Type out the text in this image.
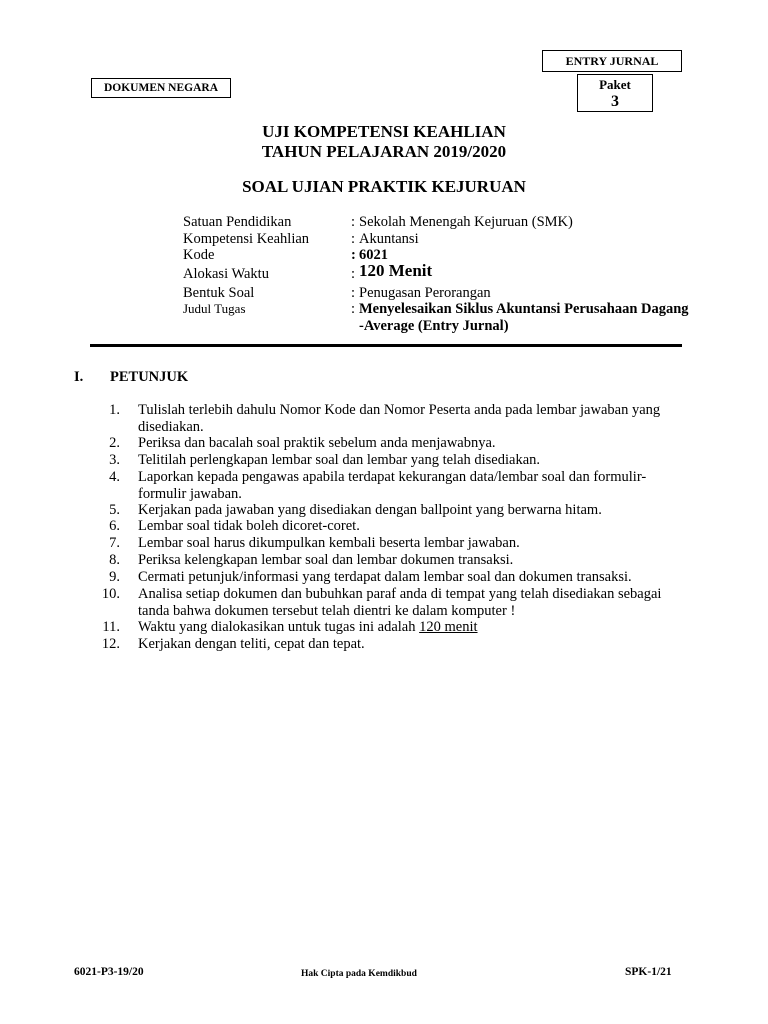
ENTRY JURNAL
DOKUMEN NEGARA	Paket
3
UJI KOMPETENSI KEAHLIAN
TAHUN PELAJARAN 2019/2020
SOAL UJIAN PRAKTIK KEJURUAN
Satuan Pendidikan	: Sekolah Menengah Kejuruan (SMK)
Kompetensi Keahlian	: Akuntansi
Kode	: 6021
Alokasi Waktu	: 120 Menit
Bentuk Soal	: Penugasan Perorangan
Judul Tugas	: Menyelesaikan Siklus Akuntansi Perusahaan Dagang -Average (Entry Jurnal)
I. PETUNJUK
1. Tulislah terlebih dahulu Nomor Kode dan Nomor Peserta anda pada lembar jawaban yang disediakan.
2. Periksa dan bacalah soal praktik sebelum anda menjawabnya.
3. Telitilah perlengkapan lembar soal dan lembar yang telah disediakan.
4. Laporkan kepada pengawas apabila terdapat kekurangan data/lembar soal dan formulir-formulir jawaban.
5. Kerjakan pada jawaban yang disediakan dengan ballpoint yang berwarna hitam.
6. Lembar soal tidak boleh dicoret-coret.
7. Lembar soal harus dikumpulkan kembali beserta lembar jawaban.
8. Periksa kelengkapan lembar soal dan lembar dokumen transaksi.
9. Cermati petunjuk/informasi yang terdapat dalam lembar soal dan dokumen transaksi.
10. Analisa setiap dokumen dan bubuhkan paraf anda di tempat yang telah disediakan sebagai tanda bahwa dokumen tersebut telah dientri ke dalam komputer !
11. Waktu yang dialokasikan untuk tugas ini adalah 120 menit
12. Kerjakan dengan teliti, cepat dan tepat.
6021-P3-19/20	Hak Cipta pada Kemdikbud	SPK-1/21
